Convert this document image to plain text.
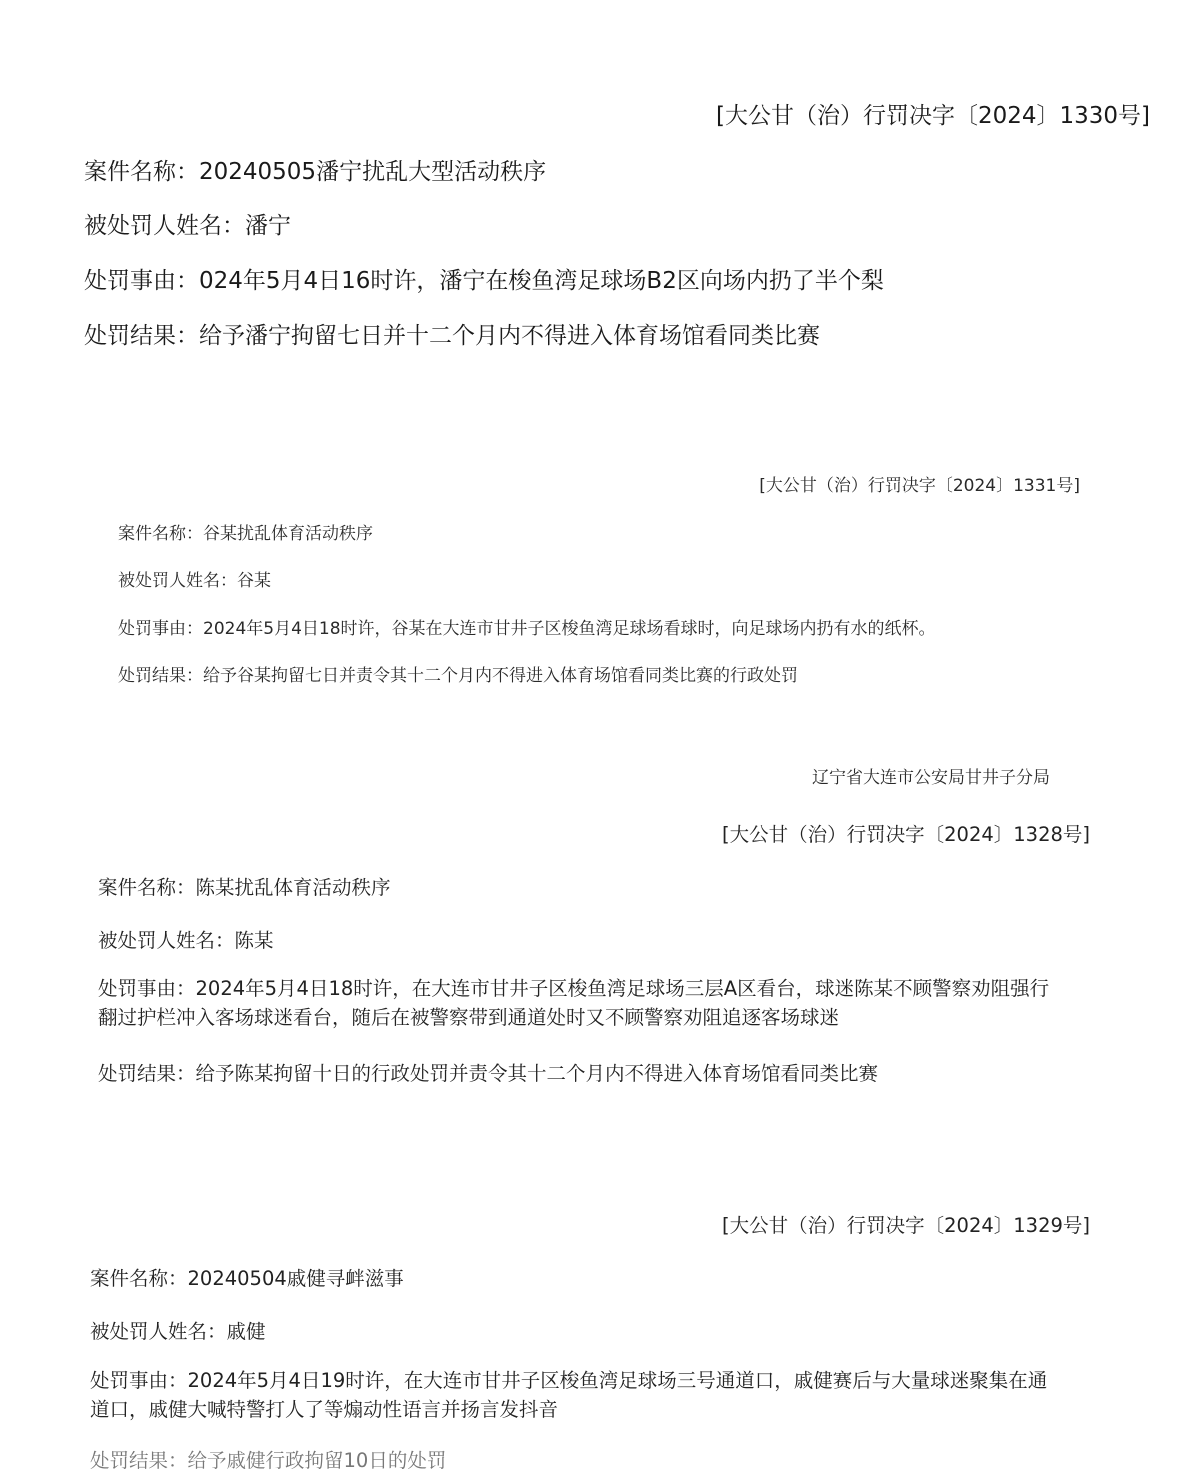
[大公甘（治）行罚决字〔2024〕1330号]

案件名称：20240505潘宁扰乱大型活动秩序

被处罚人姓名：潘宁

处罚事由：024年5月4日16时许，潘宁在梭鱼湾足球场B2区向场内扔了半个梨

处罚结果：给予潘宁拘留七日并十二个月内不得进入体育场馆看同类比赛

[大公甘（治）行罚决字〔2024〕1331号]

案件名称：谷某扰乱体育活动秩序

被处罚人姓名：谷某

处罚事由：2024年5月4日18时许，谷某在大连市甘井子区梭鱼湾足球场看球时，向足球场内扔有水的纸杯。

处罚结果：给予谷某拘留七日并责令其十二个月内不得进入体育场馆看同类比赛的行政处罚

辽宁省大连市公安局甘井子分局

[大公甘（治）行罚决字〔2024〕1328号]

案件名称：陈某扰乱体育活动秩序

被处罚人姓名：陈某

处罚事由：2024年5月4日18时许，在大连市甘井子区梭鱼湾足球场三层A区看台，球迷陈某不顾警察劝阻强行翻过护栏冲入客场球迷看台，随后在被警察带到通道处时又不顾警察劝阻追逐客场球迷

处罚结果：给予陈某拘留十日的行政处罚并责令其十二个月内不得进入体育场馆看同类比赛

[大公甘（治）行罚决字〔2024〕1329号]

案件名称：20240504戚健寻衅滋事

被处罚人姓名：戚健

处罚事由：2024年5月4日19时许，在大连市甘井子区梭鱼湾足球场三号通道口，戚健赛后与大量球迷聚集在通道口，戚健大喊特警打人了等煽动性语言并扬言发抖音

处罚结果：给予戚健行政拘留10日的处罚
